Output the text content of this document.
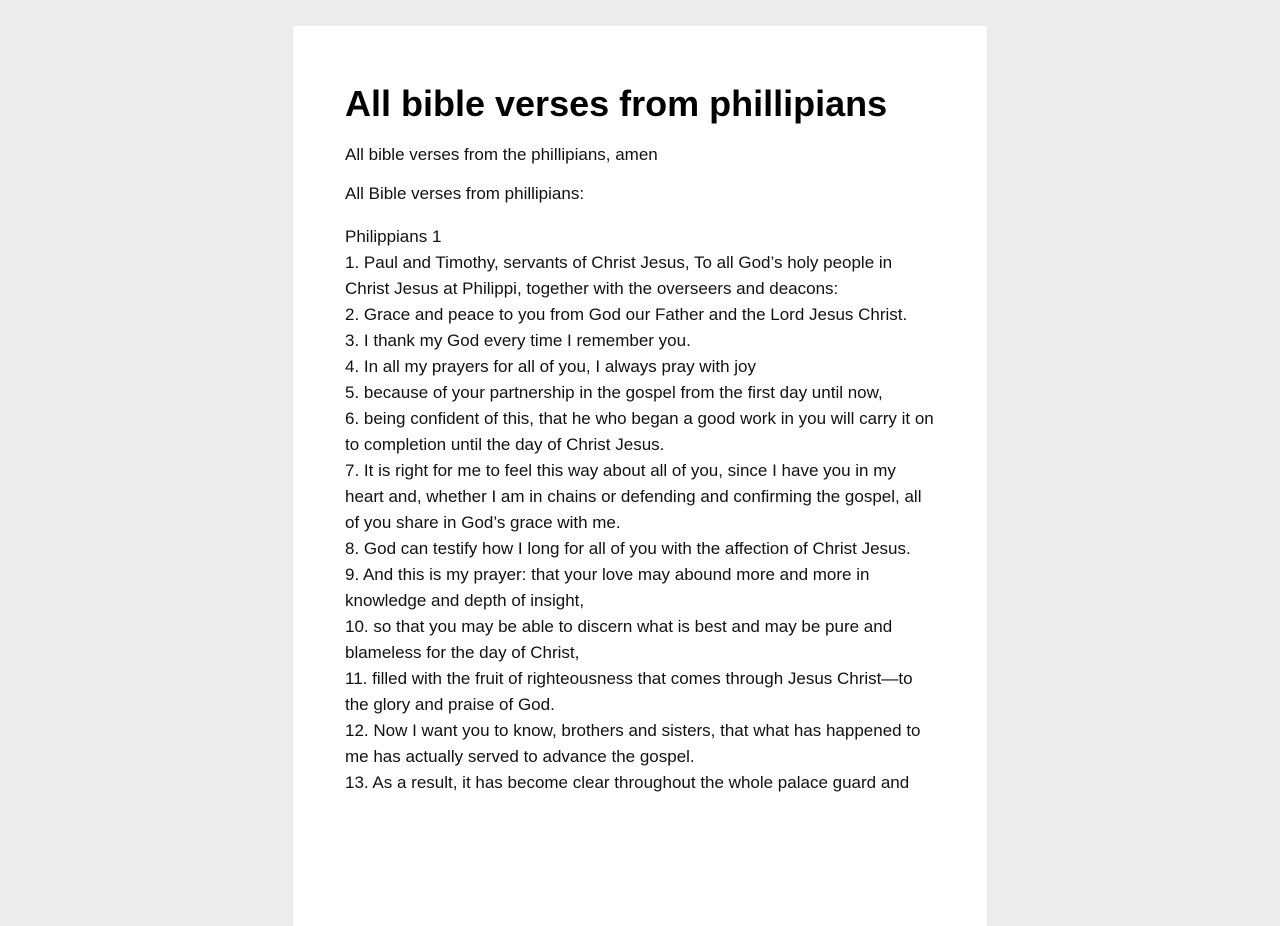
All bible verses from phillipians

All bible verses from the phillipians, amen

All Bible verses from phillipians:

Philippians 1
1. Paul and Timothy, servants of Christ Jesus, To all God’s holy people in Christ Jesus at Philippi, together with the overseers and deacons:
2. Grace and peace to you from God our Father and the Lord Jesus Christ.
3. I thank my God every time I remember you.
4. In all my prayers for all of you, I always pray with joy
5. because of your partnership in the gospel from the first day until now,
6. being confident of this, that he who began a good work in you will carry it on to completion until the day of Christ Jesus.
7. It is right for me to feel this way about all of you, since I have you in my heart and, whether I am in chains or defending and confirming the gospel, all of you share in God’s grace with me.
8. God can testify how I long for all of you with the affection of Christ Jesus.
9. And this is my prayer: that your love may abound more and more in knowledge and depth of insight,
10. so that you may be able to discern what is best and may be pure and blameless for the day of Christ,
11. filled with the fruit of righteousness that comes through Jesus Christ—to the glory and praise of God.
12. Now I want you to know, brothers and sisters, that what has happened to me has actually served to advance the gospel.
13. As a result, it has become clear throughout the whole palace guard and
